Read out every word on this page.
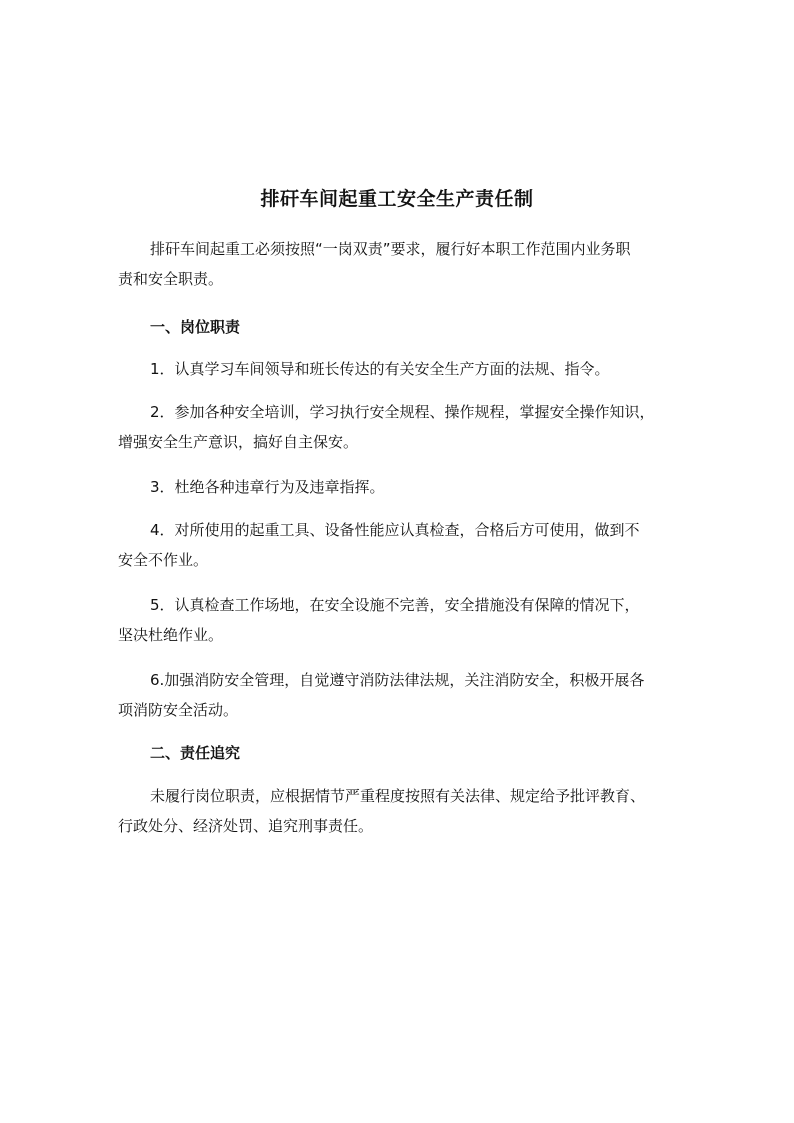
排矸车间起重工安全生产责任制
排矸车间起重工必须按照“一岗双责”要求，履行好本职工作范围内业务职
责和安全职责。
一、岗位职责
1．认真学习车间领导和班长传达的有关安全生产方面的法规、指令。
2．参加各种安全培训，学习执行安全规程、操作规程，掌握安全操作知识，
增强安全生产意识，搞好自主保安。
3．杜绝各种违章行为及违章指挥。
4．对所使用的起重工具、设备性能应认真检查，合格后方可使用，做到不
安全不作业。
5．认真检查工作场地，在安全设施不完善，安全措施没有保障的情况下，
坚决杜绝作业。
6.加强消防安全管理，自觉遵守消防法律法规，关注消防安全，积极开展各
项消防安全活动。
二、责任追究
未履行岗位职责，应根据情节严重程度按照有关法律、规定给予批评教育、
行政处分、经济处罚、追究刑事责任。
